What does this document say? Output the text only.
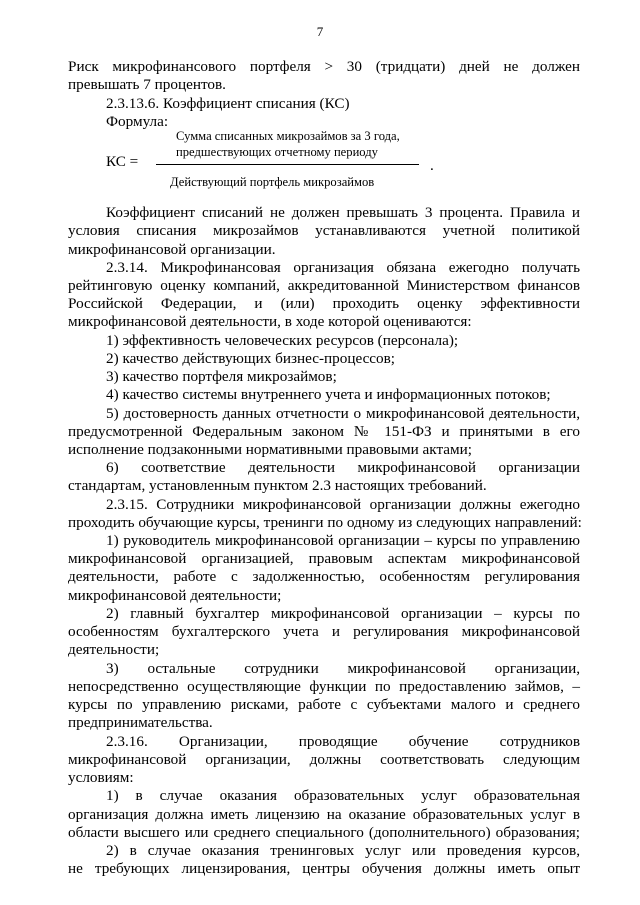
7
Риск микрофинансового портфеля > 30 (тридцати) дней не должен
превышать 7 процентов.
2.3.13.6. Коэффициент списания (КС)
Формула:
Коэффициент списаний не должен превышать 3 процента. Правила и
условия списания микрозаймов устанавливаются учетной политикой
микрофинансовой организации.
2.3.14. Микрофинансовая организация обязана ежегодно получать
рейтинговую оценку компаний, аккредитованной Министерством финансов
Российской Федерации, и (или) проходить оценку эффективности
микрофинансовой деятельности, в ходе которой оцениваются:
1) эффективность человеческих ресурсов (персонала);
2) качество действующих бизнес-процессов;
3) качество портфеля микрозаймов;
4) качество системы внутреннего учета и информационных потоков;
5) достоверность данных отчетности о микрофинансовой деятельности,
предусмотренной Федеральным законом № 151-ФЗ и принятыми в его
исполнение подзаконными нормативными правовыми актами;
6) соответствие деятельности микрофинансовой организации
стандартам, установленным пунктом 2.3 настоящих требований.
2.3.15. Сотрудники микрофинансовой организации должны ежегодно
проходить обучающие курсы, тренинги по одному из следующих направлений:
1) руководитель микрофинансовой организации – курсы по управлению
микрофинансовой организацией, правовым аспектам микрофинансовой
деятельности, работе с задолженностью, особенностям регулирования
микрофинансовой деятельности;
2) главный бухгалтер микрофинансовой организации – курсы по
особенностям бухгалтерского учета и регулирования микрофинансовой
деятельности;
3) остальные сотрудники микрофинансовой организации,
непосредственно осуществляющие функции по предоставлению займов, –
курсы по управлению рисками, работе с субъектами малого и среднего
предпринимательства.
2.3.16. Организации, проводящие обучение сотрудников
микрофинансовой организации, должны соответствовать следующим
условиям:
1) в случае оказания образовательных услуг образовательная
организация должна иметь лицензию на оказание образовательных услуг в
области высшего или среднего специального (дополнительного) образования;
2) в случае оказания тренинговых услуг или проведения курсов,
не требующих лицензирования, центры обучения должны иметь опыт
Сумма списанных микрозаймов за 3 года,
предшествующих отчетному периоду
КС =	.
Действующий портфель микрозаймов
